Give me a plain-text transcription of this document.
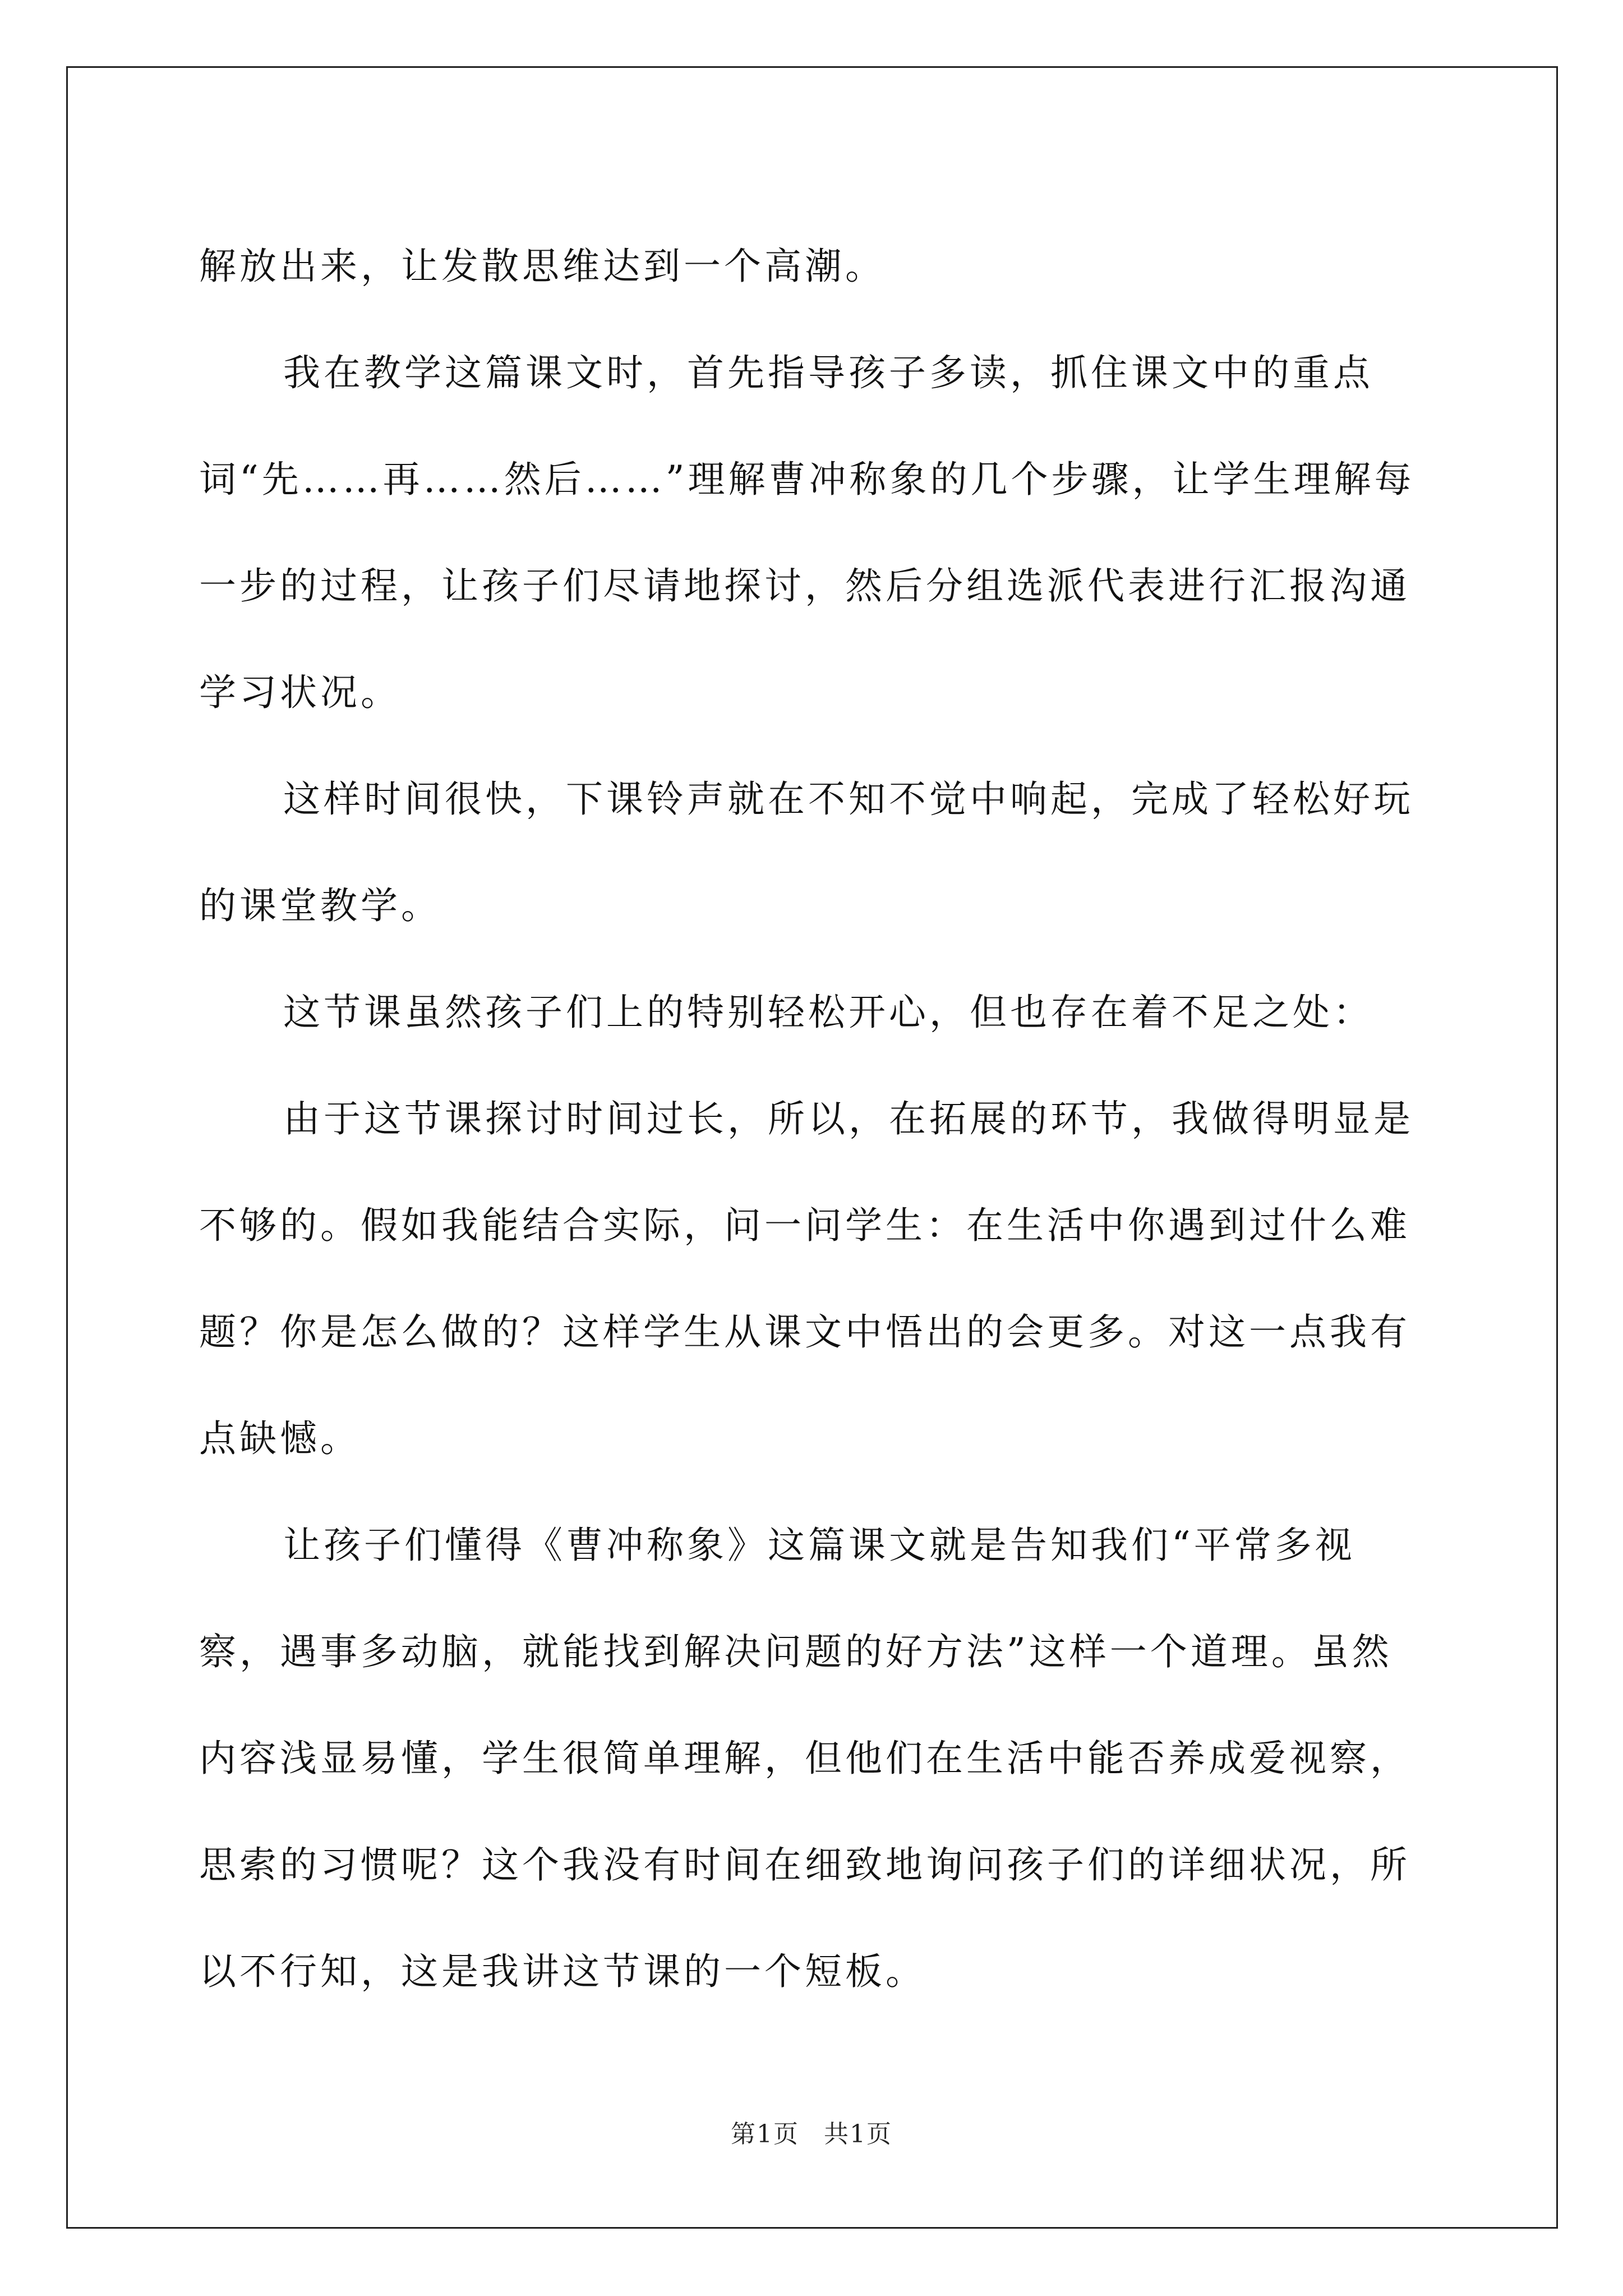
解放出来，让发散思维达到一个高潮。

我在教学这篇课文时，首先指导孩子多读，抓住课文中的重点词“先……再……然后……”理解曹冲称象的几个步骤，让学生理解每一步的过程，让孩子们尽请地探讨，然后分组选派代表进行汇报沟通学习状况。

这样时间很快，下课铃声就在不知不觉中响起，完成了轻松好玩的课堂教学。

这节课虽然孩子们上的特别轻松开心，但也存在着不足之处：

由于这节课探讨时间过长，所以，在拓展的环节，我做得明显是不够的。假如我能结合实际，问一问学生：在生活中你遇到过什么难题？你是怎么做的？这样学生从课文中悟出的会更多。对这一点我有点缺憾。

让孩子们懂得《曹冲称象》这篇课文就是告知我们“平常多视察，遇事多动脑，就能找到解决问题的好方法”这样一个道理。虽然内容浅显易懂，学生很简单理解，但他们在生活中能否养成爱视察，思索的习惯呢？这个我没有时间在细致地询问孩子们的详细状况，所以不行知，这是我讲这节课的一个短板。

第1页 共1页
